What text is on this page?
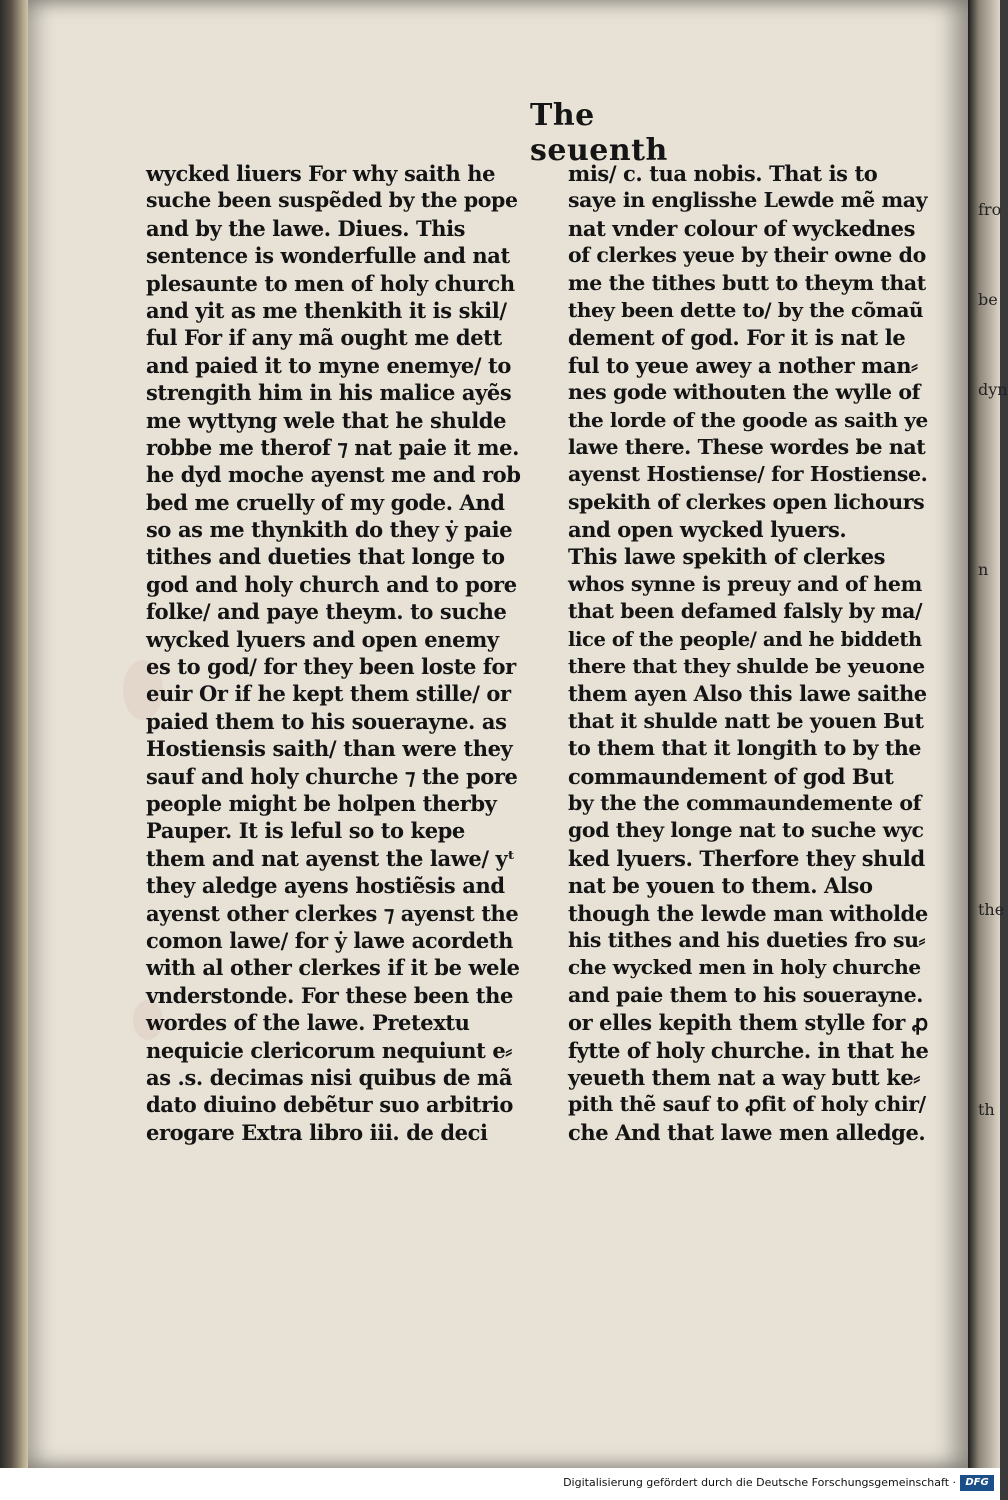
The seuenth
wycked liuers For why saith he
suche been suspẽded by the pope
and by the lawe. Diues. This
sentence is wonderfulle and nat
plesaunte to men of holy church
and yit as me thenkith it is skil/
ful For if any mã ought me dett
and paied it to myne enemye/ to
strengith him in his malice ayẽs
me wyttyng wele that he shulde
robbe me therof ⁊ nat paie it me.
he dyd moche ayenst me and rob
bed me cruelly of my gode. And
so as me thynkith do they ẏ paie
tithes and dueties that longe to
god and holy church and to pore
folke/ and paye theym. to suche
wycked lyuers and open enemy
es to god/ for they been loste for
euir Or if he kept them stille/ or
paied them to his souerayne. as
Hostiensis saith/ than were they
sauf and holy churche ⁊ the pore
people might be holpen therby
Pauper. It is leful so to kepe
them and nat ayenst the lawe/ yᵗ
they aledge ayens hostiẽsis and
ayenst other clerkes ⁊ ayenst the
comon lawe/ for ẏ lawe acordeth
with al other clerkes if it be wele
vnderstonde. For these been the
wordes of the lawe. Pretextu
nequicie clericorum nequiunt e⸗
as .s. decimas nisi quibus de mã
dato diuino debẽtur suo arbitrio
erogare Extra libro iii. de deci
mis/ c. tua nobis. That is to
saye in englisshe Lewde mẽ may
nat vnder colour of wyckednes
of clerkes yeue by their owne do
me the tithes butt to theym that
they been dette to/ by the cõmaũ
dement of god. For it is nat le
ful to yeue awey a nother man⸗
nes gode withouten the wylle of
the lorde of the goode as saith ye
lawe there. These wordes be nat
ayenst Hostiense/ for Hostiense.
spekith of clerkes open lichours
and open wycked lyuers.
This lawe spekith of clerkes
whos synne is preuy and of hem
that been defamed falsly by ma/
lice of the people/ and he biddeth
there that they shulde be yeuone
them ayen Also this lawe saithe
that it shulde natt be youen But
to them that it longith to by the
commaundement of god But
by the the commaundemente of
god they longe nat to suche wyc
ked lyuers. Therfore they shuld
nat be youen to them. Also
though the lewde man witholde
his tithes and his dueties fro su⸗
che wycked men in holy churche
and paie them to his souerayne.
or elles kepith them stylle for ꝓ
fytte of holy churche. in that he
yeueth them nat a way butt ke⸗
pith thẽ sauf to ꝓfit of holy chir/
che And that lawe men alledge.
fro
be
dyn
n
the
th
Digitalisierung gefördert durch die Deutsche Forschungsgemeinschaft · DFG
